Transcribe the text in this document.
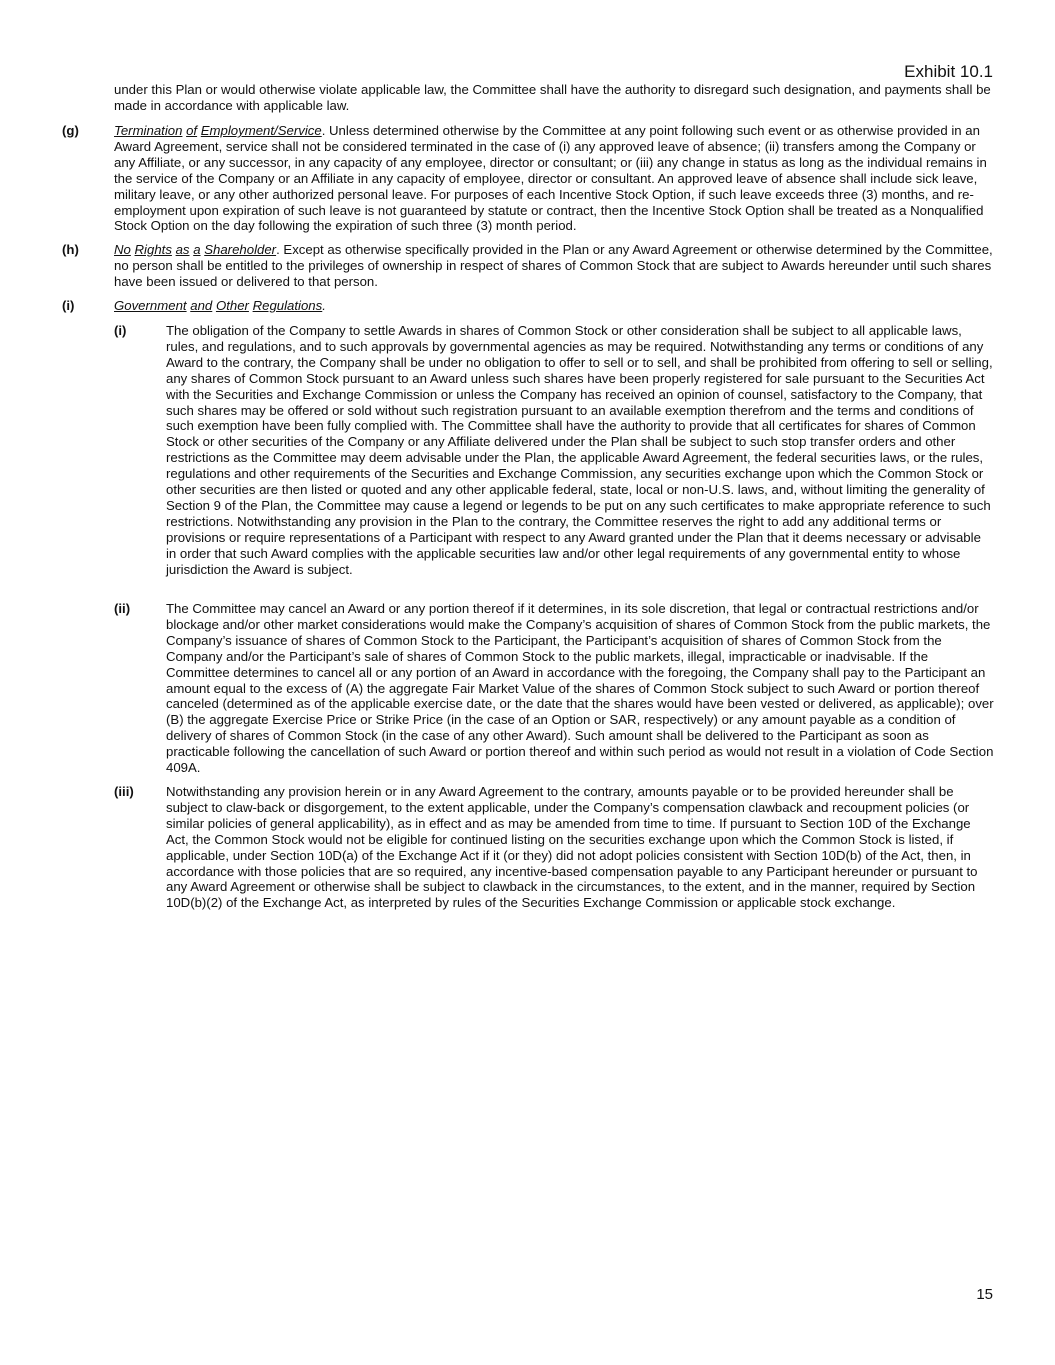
Exhibit 10.1
under this Plan or would otherwise violate applicable law, the Committee shall have the authority to disregard such designation, and payments shall be made in accordance with applicable law.
(g)	Termination of Employment/Service. Unless determined otherwise by the Committee at any point following such event or as otherwise provided in an Award Agreement, service shall not be considered terminated in the case of (i) any approved leave of absence; (ii) transfers among the Company or any Affiliate, or any successor, in any capacity of any employee, director or consultant; or (iii) any change in status as long as the individual remains in the service of the Company or an Affiliate in any capacity of employee, director or consultant. An approved leave of absence shall include sick leave, military leave, or any other authorized personal leave. For purposes of each Incentive Stock Option, if such leave exceeds three (3) months, and re-employment upon expiration of such leave is not guaranteed by statute or contract, then the Incentive Stock Option shall be treated as a Nonqualified Stock Option on the day following the expiration of such three (3) month period.
(h)	No Rights as a Shareholder. Except as otherwise specifically provided in the Plan or any Award Agreement or otherwise determined by the Committee, no person shall be entitled to the privileges of ownership in respect of shares of Common Stock that are subject to Awards hereunder until such shares have been issued or delivered to that person.
(i)	Government and Other Regulations.
(i)	The obligation of the Company to settle Awards in shares of Common Stock or other consideration shall be subject to all applicable laws, rules, and regulations, and to such approvals by governmental agencies as may be required. Notwithstanding any terms or conditions of any Award to the contrary, the Company shall be under no obligation to offer to sell or to sell, and shall be prohibited from offering to sell or selling, any shares of Common Stock pursuant to an Award unless such shares have been properly registered for sale pursuant to the Securities Act with the Securities and Exchange Commission or unless the Company has received an opinion of counsel, satisfactory to the Company, that such shares may be offered or sold without such registration pursuant to an available exemption therefrom and the terms and conditions of such exemption have been fully complied with. The Committee shall have the authority to provide that all certificates for shares of Common Stock or other securities of the Company or any Affiliate delivered under the Plan shall be subject to such stop transfer orders and other restrictions as the Committee may deem advisable under the Plan, the applicable Award Agreement, the federal securities laws, or the rules, regulations and other requirements of the Securities and Exchange Commission, any securities exchange upon which the Common Stock or other securities are then listed or quoted and any other applicable federal, state, local or non-U.S. laws, and, without limiting the generality of Section 9 of the Plan, the Committee may cause a legend or legends to be put on any such certificates to make appropriate reference to such restrictions. Notwithstanding any provision in the Plan to the contrary, the Committee reserves the right to add any additional terms or provisions or require representations of a Participant with respect to any Award granted under the Plan that it deems necessary or advisable in order that such Award complies with the applicable securities law and/or other legal requirements of any governmental entity to whose jurisdiction the Award is subject.
(ii)	The Committee may cancel an Award or any portion thereof if it determines, in its sole discretion, that legal or contractual restrictions and/or blockage and/or other market considerations would make the Company’s acquisition of shares of Common Stock from the public markets, the Company’s issuance of shares of Common Stock to the Participant, the Participant’s acquisition of shares of Common Stock from the Company and/or the Participant’s sale of shares of Common Stock to the public markets, illegal, impracticable or inadvisable. If the Committee determines to cancel all or any portion of an Award in accordance with the foregoing, the Company shall pay to the Participant an amount equal to the excess of (A) the aggregate Fair Market Value of the shares of Common Stock subject to such Award or portion thereof canceled (determined as of the applicable exercise date, or the date that the shares would have been vested or delivered, as applicable); over (B) the aggregate Exercise Price or Strike Price (in the case of an Option or SAR, respectively) or any amount payable as a condition of delivery of shares of Common Stock (in the case of any other Award). Such amount shall be delivered to the Participant as soon as practicable following the cancellation of such Award or portion thereof and within such period as would not result in a violation of Code Section 409A.
(iii) Notwithstanding any provision herein or in any Award Agreement to the contrary, amounts payable or to be provided hereunder shall be subject to claw-back or disgorgement, to the extent applicable, under the Company’s compensation clawback and recoupment policies (or similar policies of general applicability), as in effect and as may be amended from time to time. If pursuant to Section 10D of the Exchange Act, the Common Stock would not be eligible for continued listing on the securities exchange upon which the Common Stock is listed, if applicable, under Section 10D(a) of the Exchange Act if it (or they) did not adopt policies consistent with Section 10D(b) of the Act, then, in accordance with those policies that are so required, any incentive-based compensation payable to any Participant hereunder or pursuant to any Award Agreement or otherwise shall be subject to clawback in the circumstances, to the extent, and in the manner, required by Section 10D(b)(2) of the Exchange Act, as interpreted by rules of the Securities Exchange Commission or applicable stock exchange.
15
